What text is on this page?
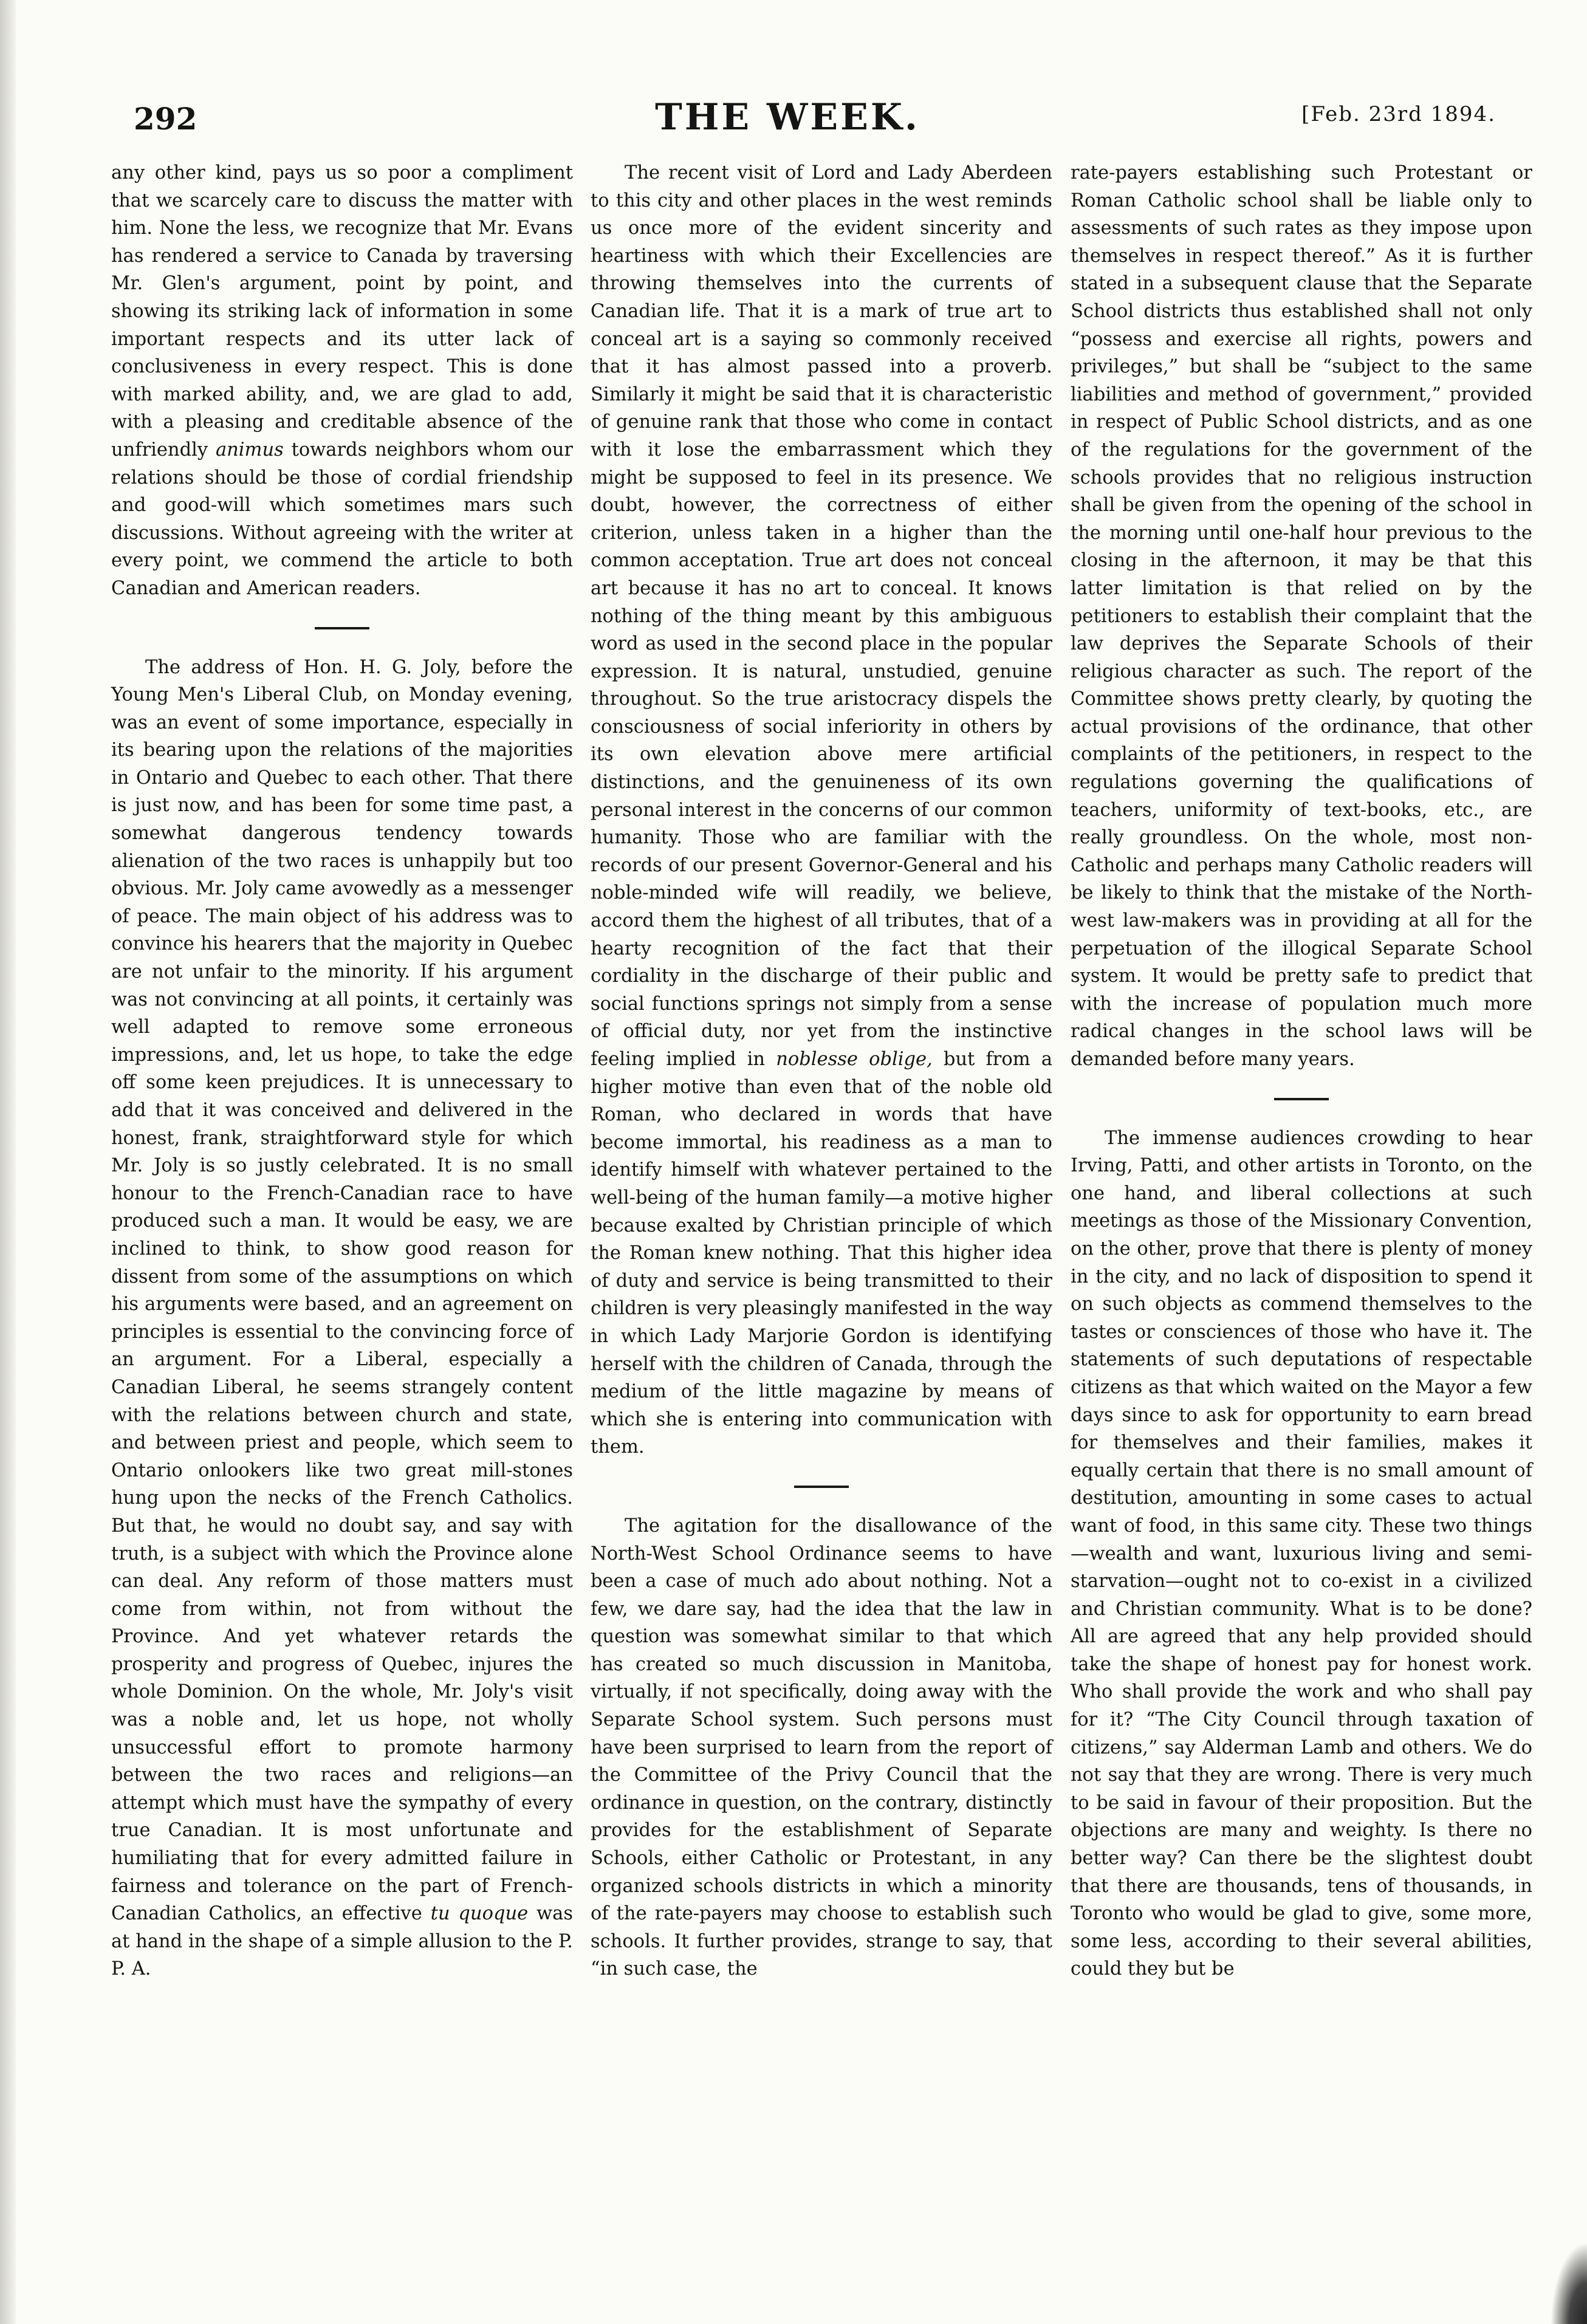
292	THE WEEK.	[Feb. 23rd 1894.

any other kind, pays us so poor a compliment that we scarcely care to discuss the matter with him. None the less, we recognize that Mr. Evans has rendered a service to Canada by traversing Mr. Glen's argument, point by point, and showing its striking lack of information in some important respects and its utter lack of conclusiveness in every respect. This is done with marked ability, and, we are glad to add, with a pleasing and creditable absence of the unfriendly animus towards neighbors whom our relations should be those of cordial friendship and good-will which sometimes mars such discussions. Without agreeing with the writer at every point, we commend the article to both Canadian and American readers.

The address of Hon. H. G. Joly, before the Young Men's Liberal Club, on Monday evening, was an event of some importance, especially in its bearing upon the relations of the majorities in Ontario and Quebec to each other. That there is just now, and has been for some time past, a somewhat dangerous tendency towards alienation of the two races is unhappily but too obvious. Mr. Joly came avowedly as a messenger of peace. The main object of his address was to convince his hearers that the majority in Quebec are not unfair to the minority. If his argument was not convincing at all points, it certainly was well adapted to remove some erroneous impressions, and, let us hope, to take the edge off some keen prejudices. It is unnecessary to add that it was conceived and delivered in the honest, frank, straightforward style for which Mr. Joly is so justly celebrated. It is no small honour to the French-Canadian race to have produced such a man. It would be easy, we are inclined to think, to show good reason for dissent from some of the assumptions on which his arguments were based, and an agreement on principles is essential to the convincing force of an argument. For a Liberal, especially a Canadian Liberal, he seems strangely content with the relations between church and state, and between priest and people, which seem to Ontario onlookers like two great mill-stones hung upon the necks of the French Catholics. But that, he would no doubt say, and say with truth, is a subject with which the Province alone can deal. Any reform of those matters must come from within, not from without the Province. And yet whatever retards the prosperity and progress of Quebec, injures the whole Dominion. On the whole, Mr. Joly's visit was a noble and, let us hope, not wholly unsuccessful effort to promote harmony between the two races and religions—an attempt which must have the sympathy of every true Canadian. It is most unfortunate and humiliating that for every admitted failure in fairness and tolerance on the part of French-Canadian Catholics, an effective tu quoque was at hand in the shape of a simple allusion to the P. P. A.

The recent visit of Lord and Lady Aberdeen to this city and other places in the west reminds us once more of the evident sincerity and heartiness with which their Excellencies are throwing themselves into the currents of Canadian life. That it is a mark of true art to conceal art is a saying so commonly received that it has almost passed into a proverb. Similarly it might be said that it is characteristic of genuine rank that those who come in contact with it lose the embarrassment which they might be supposed to feel in its presence. We doubt, however, the correctness of either criterion, unless taken in a higher than the common acceptation. True art does not conceal art because it has no art to conceal. It knows nothing of the thing meant by this ambiguous word as used in the second place in the popular expression. It is natural, unstudied, genuine throughout. So the true aristocracy dispels the consciousness of social inferiority in others by its own elevation above mere artificial distinctions, and the genuineness of its own personal interest in the concerns of our common humanity. Those who are familiar with the records of our present Governor-General and his noble-minded wife will readily, we believe, accord them the highest of all tributes, that of a hearty recognition of the fact that their cordiality in the discharge of their public and social functions springs not simply from a sense of official duty, nor yet from the instinctive feeling implied in noblesse oblige, but from a higher motive than even that of the noble old Roman, who declared in words that have become immortal, his readiness as a man to identify himself with whatever pertained to the well-being of the human family—a motive higher because exalted by Christian principle of which the Roman knew nothing. That this higher idea of duty and service is being transmitted to their children is very pleasingly manifested in the way in which Lady Marjorie Gordon is identifying herself with the children of Canada, through the medium of the little magazine by means of which she is entering into communication with them.

The agitation for the disallowance of the North-West School Ordinance seems to have been a case of much ado about nothing. Not a few, we dare say, had the idea that the law in question was somewhat similar to that which has created so much discussion in Manitoba, virtually, if not specifically, doing away with the Separate School system. Such persons must have been surprised to learn from the report of the Committee of the Privy Council that the ordinance in question, on the contrary, distinctly provides for the establishment of Separate Schools, either Catholic or Protestant, in any organized schools districts in which a minority of the rate-payers may choose to establish such schools. It further provides, strange to say, that “in such case, the

rate-payers establishing such Protestant or Roman Catholic school shall be liable only to assessments of such rates as they impose upon themselves in respect thereof.” As it is further stated in a subsequent clause that the Separate School districts thus established shall not only “possess and exercise all rights, powers and privileges,” but shall be “subject to the same liabilities and method of government,” provided in respect of Public School districts, and as one of the regulations for the government of the schools provides that no religious instruction shall be given from the opening of the school in the morning until one-half hour previous to the closing in the afternoon, it may be that this latter limitation is that relied on by the petitioners to establish their complaint that the law deprives the Separate Schools of their religious character as such. The report of the Committee shows pretty clearly, by quoting the actual provisions of the ordinance, that other complaints of the petitioners, in respect to the regulations governing the qualifications of teachers, uniformity of text-books, etc., are really groundless. On the whole, most non-Catholic and perhaps many Catholic readers will be likely to think that the mistake of the North-west law-makers was in providing at all for the perpetuation of the illogical Separate School system. It would be pretty safe to predict that with the increase of population much more radical changes in the school laws will be demanded before many years.

The immense audiences crowding to hear Irving, Patti, and other artists in Toronto, on the one hand, and liberal collections at such meetings as those of the Missionary Convention, on the other, prove that there is plenty of money in the city, and no lack of disposition to spend it on such objects as commend themselves to the tastes or consciences of those who have it. The statements of such deputations of respectable citizens as that which waited on the Mayor a few days since to ask for opportunity to earn bread for themselves and their families, makes it equally certain that there is no small amount of destitution, amounting in some cases to actual want of food, in this same city. These two things—wealth and want, luxurious living and semi-starvation—ought not to co-exist in a civilized and Christian community. What is to be done? All are agreed that any help provided should take the shape of honest pay for honest work. Who shall provide the work and who shall pay for it? “The City Council through taxation of citizens,” say Alderman Lamb and others. We do not say that they are wrong. There is very much to be said in favour of their proposition. But the objections are many and weighty. Is there no better way? Can there be the slightest doubt that there are thousands, tens of thousands, in Toronto who would be glad to give, some more, some less, according to their several abilities, could they but be
